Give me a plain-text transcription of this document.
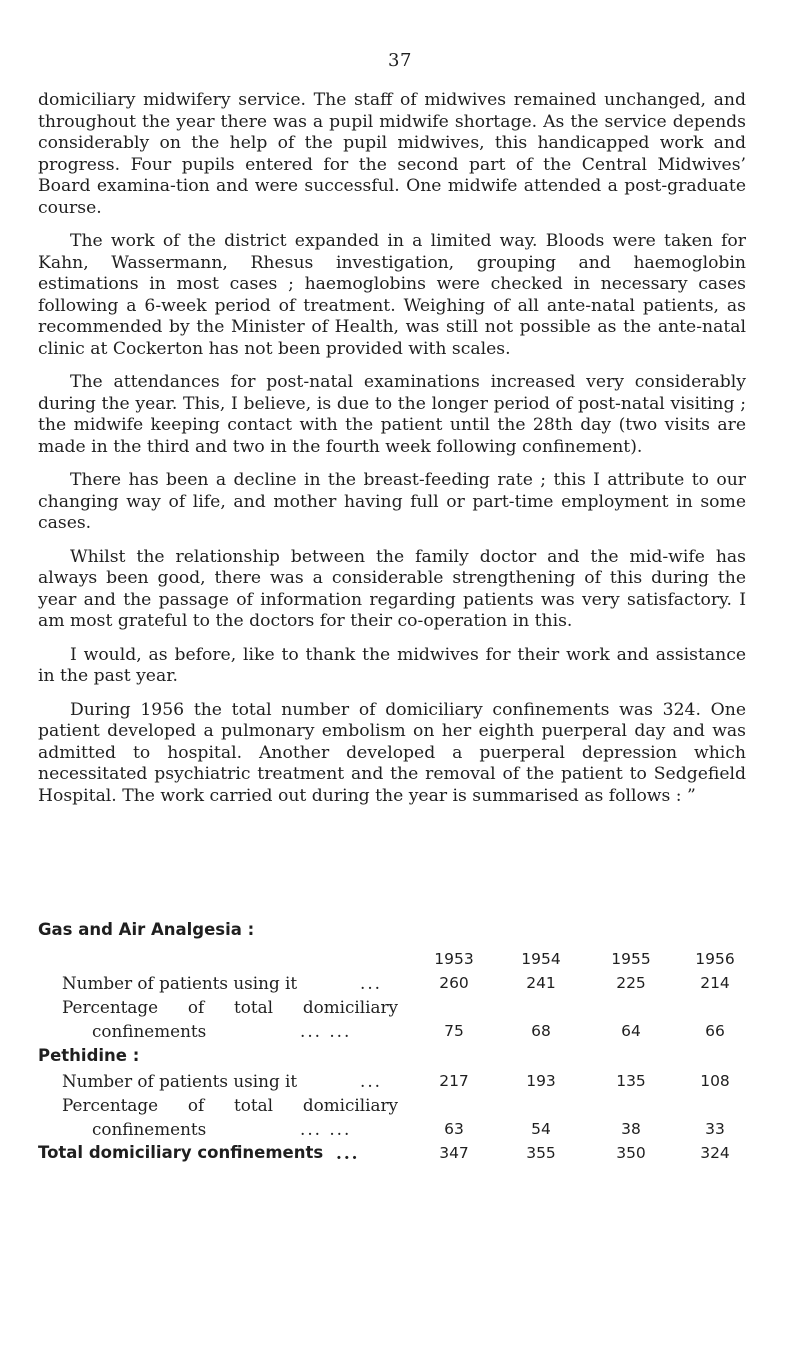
37

domiciliary midwifery service. The staff of midwives remained unchanged, and throughout the year there was a pupil midwife shortage. As the service depends considerably on the help of the pupil midwives, this handicapped work and progress. Four pupils entered for the second part of the Central Midwives’ Board examina-tion and were successful. One midwife attended a post-graduate course.

The work of the district expanded in a limited way. Bloods were taken for Kahn, Wassermann, Rhesus investigation, grouping and haemoglobin estimations in most cases ; haemoglobins were checked in necessary cases following a 6-week period of treatment. Weighing of all ante-natal patients, as recommended by the Minister of Health, was still not possible as the ante-natal clinic at Cockerton has not been provided with scales.

The attendances for post-natal examinations increased very considerably during the year. This, I believe, is due to the longer period of post-natal visiting ; the midwife keeping contact with the patient until the 28th day (two visits are made in the third and two in the fourth week following confinement).

There has been a decline in the breast-feeding rate ; this I attribute to our changing way of life, and mother having full or part-time employment in some cases.

Whilst the relationship between the family doctor and the mid-wife has always been good, there was a considerable strengthening of this during the year and the passage of information regarding patients was very satisfactory. I am most grateful to the doctors for their co-operation in this.

I would, as before, like to thank the midwives for their work and assistance in the past year.

During 1956 the total number of domiciliary confinements was 324. One patient developed a pulmonary embolism on her eighth puerperal day and was admitted to hospital. Another developed a puerperal depression which necessitated psychiatric treatment and the removal of the patient to Sedgefield Hospital. The work carried out during the year is summarised as follows : ”

Gas and Air Analgesia :
1953	1954	1955	1956
Number of patients using it	...	260	241	225	214
Percentage of total domiciliary
confinements	... ...	75	68	64	66
Pethidine :
Number of patients using it	...	217	193	135	108
Percentage of total domiciliary
confinements	... ...	63	54	38	33
Total domiciliary confinements ...	347	355	350	324
